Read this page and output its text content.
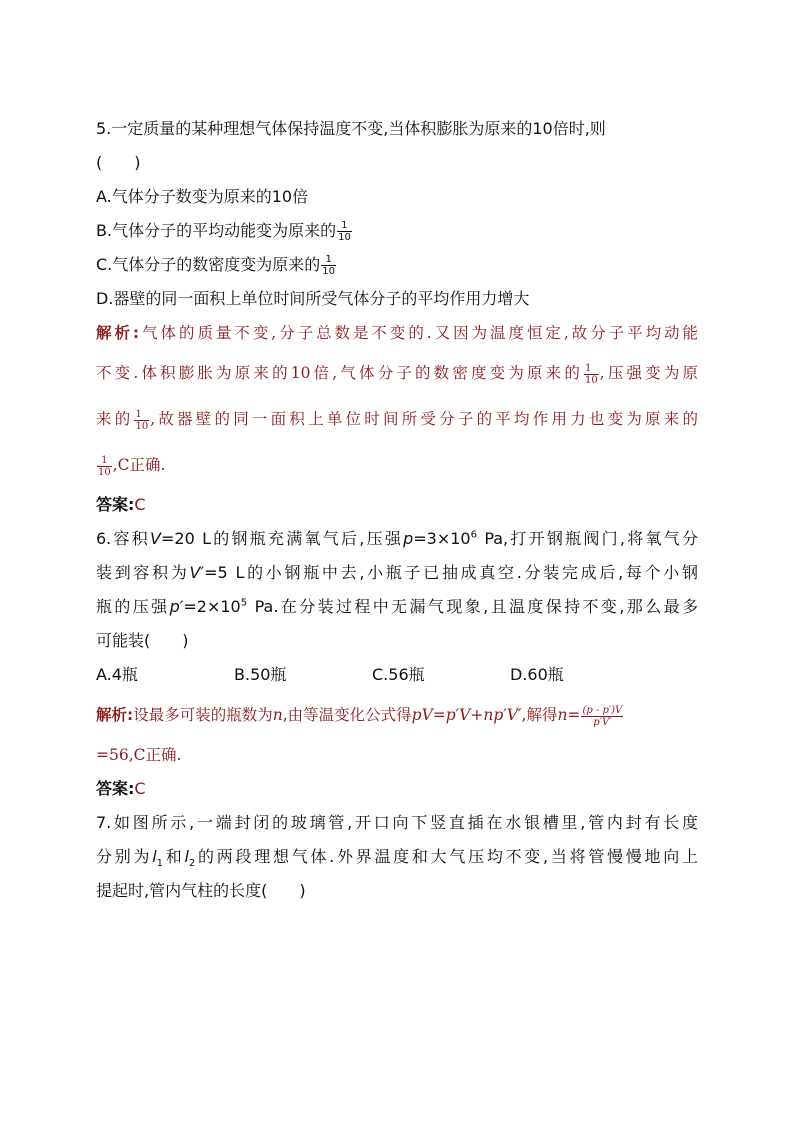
5.一定质量的某种理想气体保持温度不变,当体积膨胀为原来的10倍时,则
(　　)
A.气体分子数变为原来的10倍
B.气体分子的平均动能变为原来的 $\frac{1}{10}$
C.气体分子的数密度变为原来的 $\frac{1}{10}$
D.器壁的同一面积上单位时间所受气体分子的平均作用力增大
解析:气体的质量不变,分子总数是不变的.又因为温度恒定,故分子平均动能
不变.体积膨胀为原来的10倍,气体分子的数密度变为原来的 $\frac{1}{10}$ ,压强变为原
来的 $\frac{1}{10}$ ,故器壁的同一面积上单位时间所受分子的平均作用力也变为原来的
$\frac{1}{10} ,C$正确.
答案:C
6.容积V=20 L的钢瓶充满氧气后,压强$p=3\times 10^6$ Pa,打开钢瓶阀门,将氧气分
装到容积为V′=5 L的小钢瓶中去,小瓶子已抽成真空.分装完成后,每个小钢
瓶的压强$p'=2\times 10^5$ Pa.在分装过程中无漏气现象,且温度保持不变,那么最多
可能装(　　)
A.4瓶	B.50瓶	C.56瓶	D.60瓶
解析:设最多可装的瓶数为n,由等温变化公式得pV=p′V+np′V′,解得$n= \frac{(p - p')V}{p'V'}$
=56,C正确.
答案:C
7.如图所示,一端封闭的玻璃管,开口向下竖直插在水银槽里,管内封有长度
分别为$l_1$和$l_2$的两段理想气体.外界温度和大气压均不变,当将管慢慢地向上
提起时,管内气柱的长度(　　)
